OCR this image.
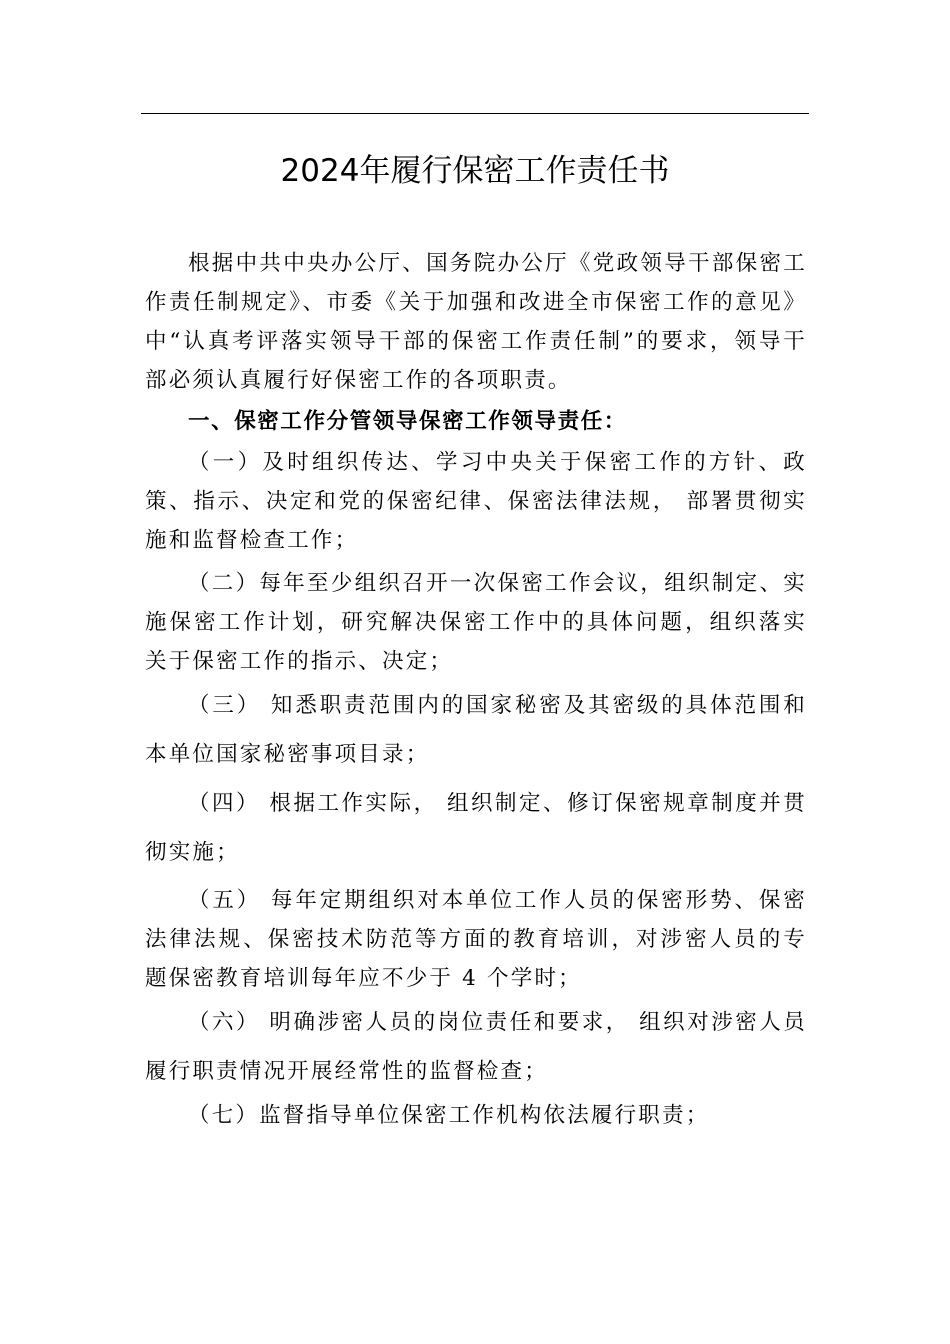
2024年履行保密工作责任书

根据中共中央办公厅、国务院办公厅《党政领导干部保密工作责任制规定》、市委《关于加强和改进全市保密工作的意见》中“认真考评落实领导干部的保密工作责任制”的要求，领导干部必须认真履行好保密工作的各项职责。

一、保密工作分管领导保密工作领导责任：

（一）及时组织传达、学习中央关于保密工作的方针、政策、指示、决定和党的保密纪律、保密法律法规， 部署贯彻实施和监督检查工作；

（二）每年至少组织召开一次保密工作会议，组织制定、实施保密工作计划，研究解决保密工作中的具体问题，组织落实关于保密工作的指示、决定；

（三） 知悉职责范围内的国家秘密及其密级的具体范围和本单位国家秘密事项目录；

（四） 根据工作实际， 组织制定、修订保密规章制度并贯彻实施；

（五） 每年定期组织对本单位工作人员的保密形势、保密法律法规、保密技术防范等方面的教育培训，对涉密人员的专题保密教育培训每年应不少于 4 个学时；

（六） 明确涉密人员的岗位责任和要求， 组织对涉密人员履行职责情况开展经常性的监督检查；

（七）监督指导单位保密工作机构依法履行职责；
